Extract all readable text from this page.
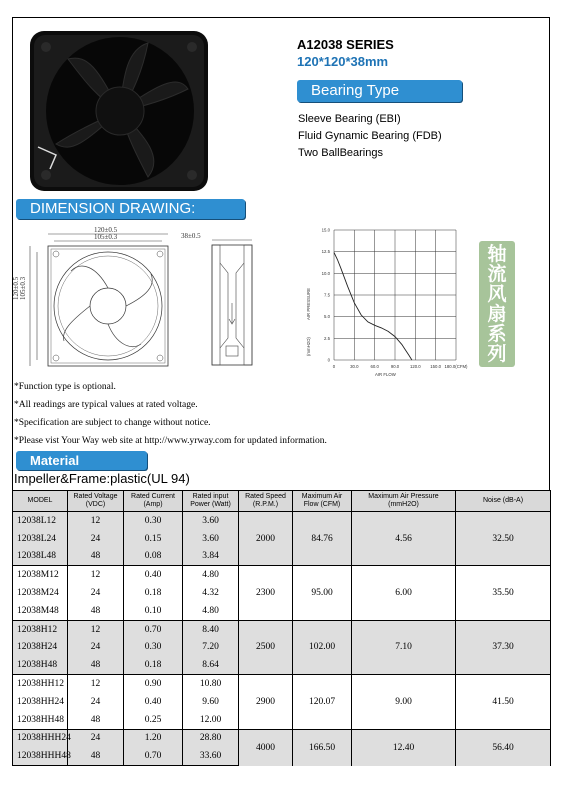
A12038 SERIES
120*120*38mm
Bearing Type
Sleeve Bearing (EBI)
Fluid Gynamic Bearing (FDB)
Two BallBearings
DIMENSION DRAWING:
120±0.5
105±0.3
120±0.5 105±0.3
38±0.5
0	30.0	60.0	90.0	120.0 150.0 180.0(CFM)
0
2.5
5.0
7.5
10.0
12.5
15.0
AIR FLOW
AIR PRESSURE
(mmH2O)
轴
流
风
扇
系
列
*Function type is optional.
*All readings are typical values at rated voltage.
*Specification are subject to change without notice.
*Please vist Your Way web site at http://www.yrway.com for updated information.
Material
Impeller&Frame:plastic(UL 94)
MODEL	Rated Voltage (VDC)	Rated Current (Amp)	Rated input Power (Watt)	Rated Speed (R.P.M.)	Maximum Air Flow (CFM)	Maximum Air Pressure (mmH2O)	Noise (dB-A)
12038L12	12	0.30	3.60	2000	84.76	4.56	32.50
12038L24	24	0.15	3.60				
12038L48	48	0.08	3.84				
12038M12	12	0.40	4.80	2300	95.00	6.00	35.50
12038M24	24	0.18	4.32				
12038M48	48	0.10	4.80				
12038H12	12	0.70	8.40	2500	102.00	7.10	37.30
12038H24	24	0.30	7.20				
12038H48	48	0.18	8.64				
12038HH12	12	0.90	10.80	2900	120.07	9.00	41.50
12038HH24	24	0.40	9.60				
12038HH48	48	0.25	12.00				
12038HHH24	24	1.20	28.80	4000	166.50	12.40	56.40
12038HHH48	48	0.70	33.60				
